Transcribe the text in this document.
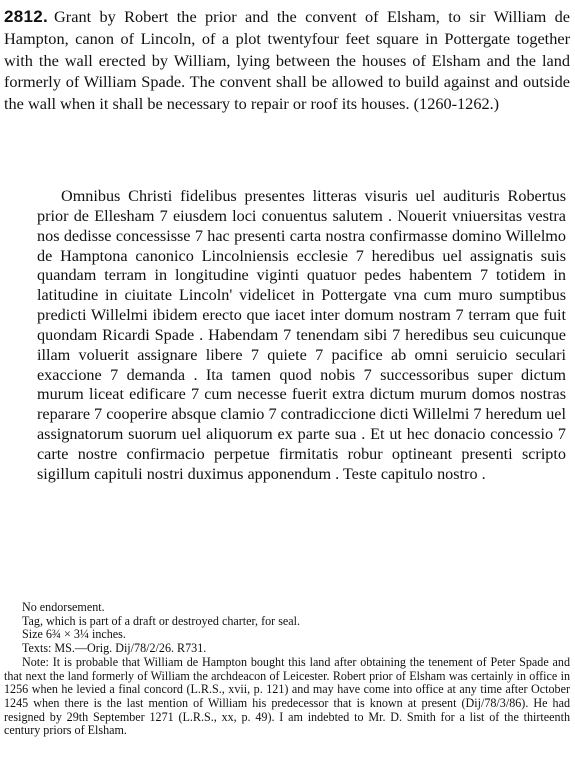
2812. Grant by Robert the prior and the convent of Elsham, to sir William de Hampton, canon of Lincoln, of a plot twentyfour feet square in Pottergate together with the wall erected by William, lying between the houses of Elsham and the land formerly of William Spade. The convent shall be allowed to build against and outside the wall when it shall be necessary to repair or roof its houses. (1260-1262.)

Omnibus Christi fidelibus presentes litteras visuris uel audituris Robertus prior de Ellesham 7 eiusdem loci conuentus salutem . Nouerit vniuersitas vestra nos dedisse concessisse 7 hac presenti carta nostra confirmasse domino Willelmo de Hamptona canonico Lincolniensis ecclesie 7 heredibus uel assignatis suis quandam terram in longitudine viginti quatuor pedes habentem 7 totidem in latitudine in ciuitate Lincoln' videlicet in Pottergate vna cum muro sumptibus predicti Willelmi ibidem erecto que iacet inter domum nostram 7 terram que fuit quondam Ricardi Spade . Habendam 7 tenendam sibi 7 heredibus seu cuicunque illam voluerit assignare libere 7 quiete 7 pacifice ab omni seruicio seculari exaccione 7 demanda . Ita tamen quod nobis 7 successoribus super dictum murum liceat edificare 7 cum necesse fuerit extra dictum murum domos nostras reparare 7 cooperire absque clamio 7 contradiccione dicti Willelmi 7 heredum uel assignatorum suorum uel aliquorum ex parte sua . Et ut hec donacio concessio 7 carte nostre confirmacio perpetue firmitatis robur optineant presenti scripto sigillum capituli nostri duximus apponendum . Teste capitulo nostro .

No endorsement.
Tag, which is part of a draft or destroyed charter, for seal.
Size 6¾ × 3¼ inches.
Texts: MS.—Orig. Dij/78/2/26. R731.
Note: It is probable that William de Hampton bought this land after obtaining the tenement of Peter Spade and that next the land formerly of William the archdeacon of Leicester. Robert prior of Elsham was certainly in office in 1256 when he levied a final concord (L.R.S., xvii, p. 121) and may have come into office at any time after October 1245 when there is the last mention of William his predecessor that is known at present (Dij/78/3/86). He had resigned by 29th September 1271 (L.R.S., xx, p. 49). I am indebted to Mr. D. Smith for a list of the thirteenth century priors of Elsham.
